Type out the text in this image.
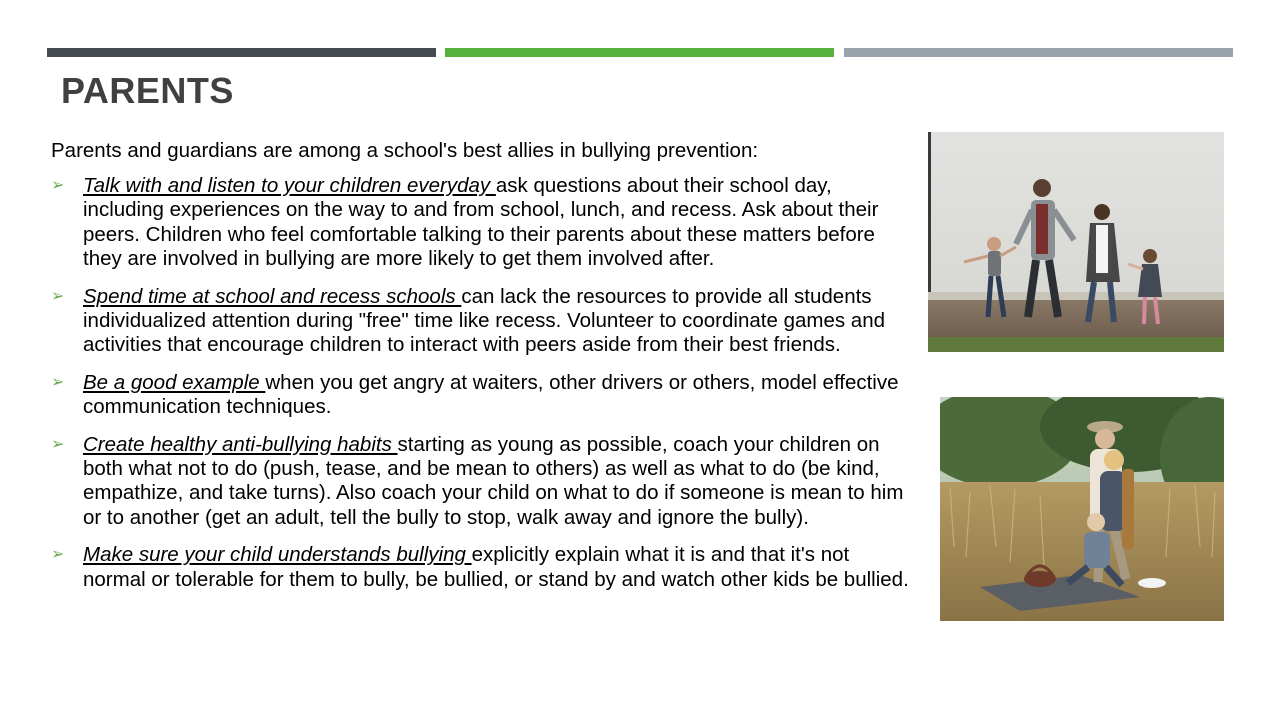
PARENTS

Parents and guardians are among a school's best allies in bullying prevention:

➢ Talk with and listen to your children everyday ask questions about their school day, including experiences on the way to and from school, lunch, and recess. Ask about their peers. Children who feel comfortable talking to their parents about these matters before they are involved in bullying are more likely to get them involved after.
➢ Spend time at school and recess schools can lack the resources to provide all students individualized attention during "free" time like recess. Volunteer to coordinate games and activities that encourage children to interact with peers aside from their best friends.
➢ Be a good example when you get angry at waiters, other drivers or others, model effective communication techniques.
➢ Create healthy anti-bullying habits starting as young as possible, coach your children on both what not to do (push, tease, and be mean to others) as well as what to do (be kind, empathize, and take turns). Also coach your child on what to do if someone is mean to him or to another (get an adult, tell the bully to stop, walk away and ignore the bully).
➢ Make sure your child understands bullying explicitly explain what it is and that it's not normal or tolerable for them to bully, be bullied, or stand by and watch other kids be bullied.
